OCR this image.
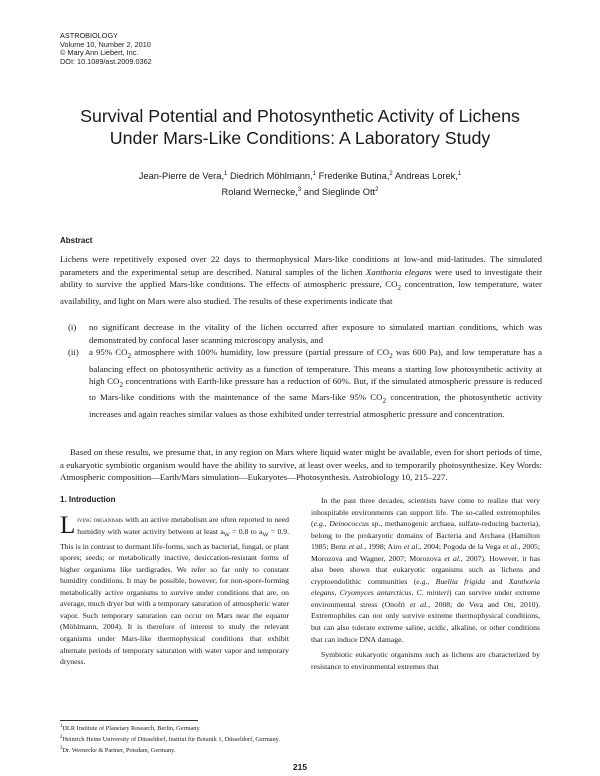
ASTROBIOLOGY
Volume 10, Number 2, 2010
© Mary Ann Liebert, Inc.
DOI: 10.1089/ast.2009.0362
Survival Potential and Photosynthetic Activity of Lichens
Under Mars-Like Conditions: A Laboratory Study
Jean-Pierre de Vera,$^1$ Diedrich Möhlmann,$^1$ Frederike Butina,$^2$ Andreas Lorek,$^1$
Roland Wernecke,$^3$ and Sieglinde Ott$^2$
Abstract
Lichens were repetitively exposed over 22 days to thermophysical Mars-like conditions at low-and mid-latitudes. The simulated parameters and the experimental setup are described. Natural samples of the lichen Xanthoria elegans were used to investigate their ability to survive the applied Mars-like conditions. The effects of atmospheric pressure, $CO_2$ concentration, low temperature, water availability, and light on Mars were also studied. The results of these experiments indicate that
(i)	no significant decrease in the vitality of the lichen occurred after exposure to simulated martian conditions, which was demonstrated by confocal laser scanning microscopy analysis, and
(ii)	a 95% $CO_2$ atmosphere with 100% humidity, low pressure (partial pressure of $CO_2$ was 600 Pa), and low temperature has a balancing effect on photosynthetic activity as a function of temperature. This means a starting low photosynthetic activity at high $CO_2$ concentrations with Earth-like pressure has a reduction of 60%. But, if the simulated atmospheric pressure is reduced to Mars-like conditions with the maintenance of the same Mars-like 95% $CO_2$ concentration, the photosynthetic activity increases and again reaches similar values as those exhibited under terrestrial atmospheric pressure and concentration.
Based on these results, we presume that, in any region on Mars where liquid water might be available, even for short periods of time, a eukaryotic symbiotic organism would have the ability to survive, at least over weeks, and to temporarily photosynthesize. Key Words: Atmospheric composition—Earth/Mars simulation—Eukaryotes—Photosynthesis. Astrobiology 10, 215–227.
1. Introduction
Living organisms with an active metabolism are often reported to need humidity with water activity between at least $a_W = 0.8$ to $a_W = 0.9$. This is in contrast to dormant life-forms, such as bacterial, fungal, or plant spores; seeds; or metabolically inactive, desiccation-resistant forms of higher organisms like tardigrades. We refer so far only to constant humidity conditions. It may be possible, however, for non-spore-forming metabolically active organisms to survive under conditions that are, on average, much dryer but with a temporary saturation of atmospheric water vapor. Such temporary saturation can occur on Mars near the equator (Möhlmann, 2004). It is therefore of interest to study the relevant organisms under Mars-like thermophysical conditions that exhibit alternate periods of temporary saturation with water vapor and temporary dryness.
In the past three decades, scientists have come to realize that very inhospitable environments can support life. The so-called extremophiles (e.g., Deinococcus sp., methanogenic archaea, sulfate-reducing bacteria), belong to the prokaryotic domains of Bacteria and Archaea (Hamilton 1985; Benz et al., 1998; Airo et al., 2004; Pogoda de la Vega et al., 2005; Morozova and Wagner, 2007; Morozova et al., 2007). However, it has also been shown that eukaryotic organisms such as lichens and cryptoendolithic communities (e.g., Buellia frigida and Xanthoria elegans, Cryomyces antarcticus, C. minteri) can survive under extreme environmental stress (Onofri et al., 2008; de Vera and Ott, 2010). Extremophiles can not only survive extreme thermophysical conditions, but can also tolerate extreme saline, acidic, alkaline, or other conditions that can induce DNA damage.
Symbiotic eukaryotic organisms such as lichens are characterized by resistance to environmental extremes that
$^1$DLR Institute of Planetary Research, Berlin, Germany.
$^2$Heinrich Heine University of Düsseldorf, Institut für Botanik 1, Düsseldorf, Germany.
$^3$Dr. Wernecke & Partner, Potsdam, Germany.
215
